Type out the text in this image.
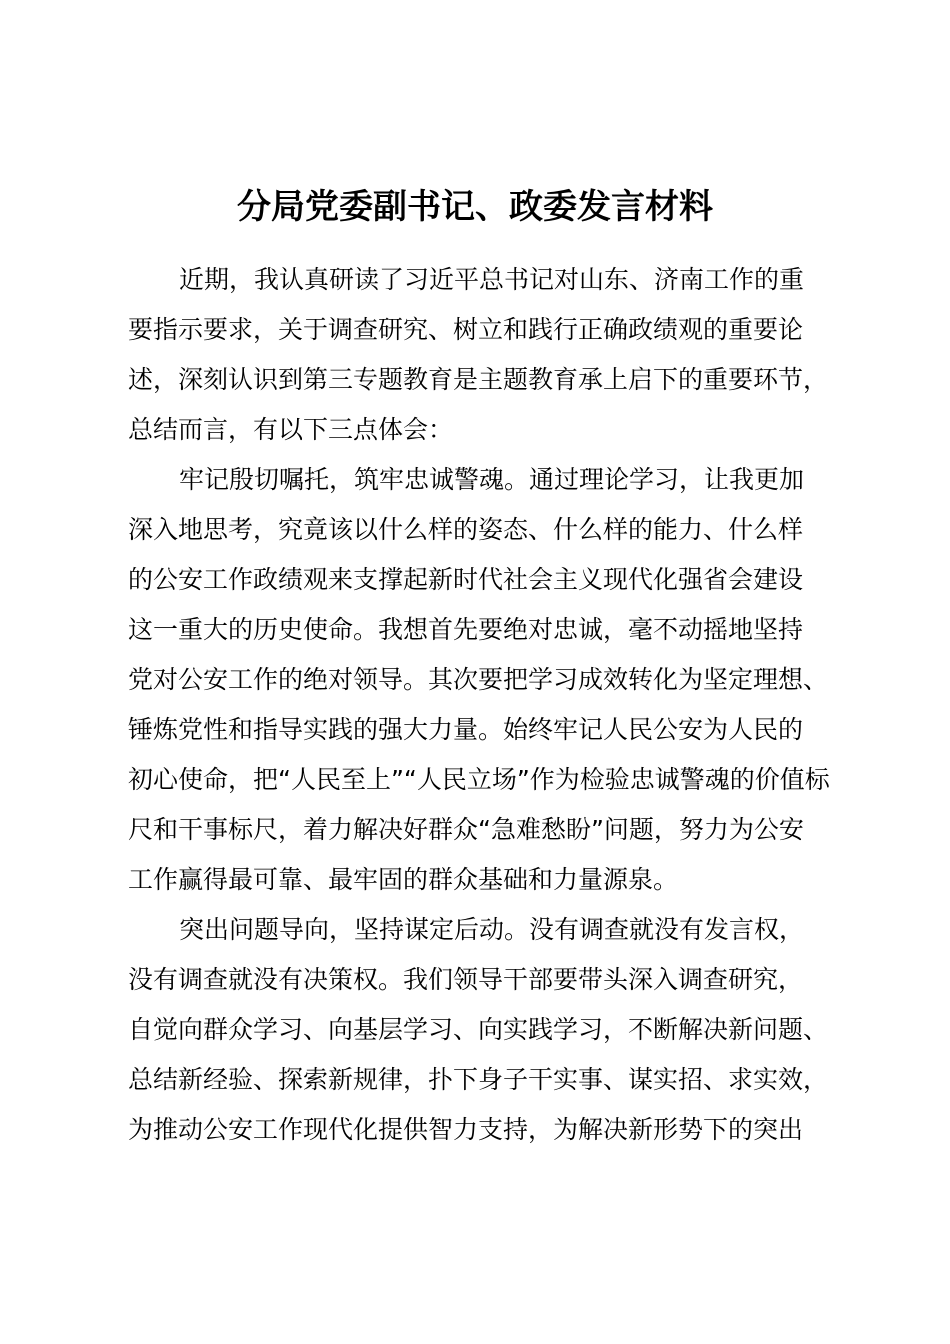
分局党委副书记、政委发言材料

近期，我认真研读了习近平总书记对山东、济南工作的重
要指示要求，关于调查研究、树立和践行正确政绩观的重要论
述，深刻认识到第三专题教育是主题教育承上启下的重要环节，
总结而言，有以下三点体会：

牢记殷切嘱托，筑牢忠诚警魂。通过理论学习，让我更加
深入地思考，究竟该以什么样的姿态、什么样的能力、什么样
的公安工作政绩观来支撑起新时代社会主义现代化强省会建设
这一重大的历史使命。我想首先要绝对忠诚，毫不动摇地坚持
党对公安工作的绝对领导。其次要把学习成效转化为坚定理想、
锤炼党性和指导实践的强大力量。始终牢记人民公安为人民的
初心使命，把“人民至上”“人民立场”作为检验忠诚警魂的价值标
尺和干事标尺，着力解决好群众“急难愁盼”问题，努力为公安
工作赢得最可靠、最牢固的群众基础和力量源泉。

突出问题导向，坚持谋定后动。没有调查就没有发言权，
没有调查就没有决策权。我们领导干部要带头深入调查研究，
自觉向群众学习、向基层学习、向实践学习，不断解决新问题、
总结新经验、探索新规律，扑下身子干实事、谋实招、求实效，
为推动公安工作现代化提供智力支持，为解决新形势下的突出
